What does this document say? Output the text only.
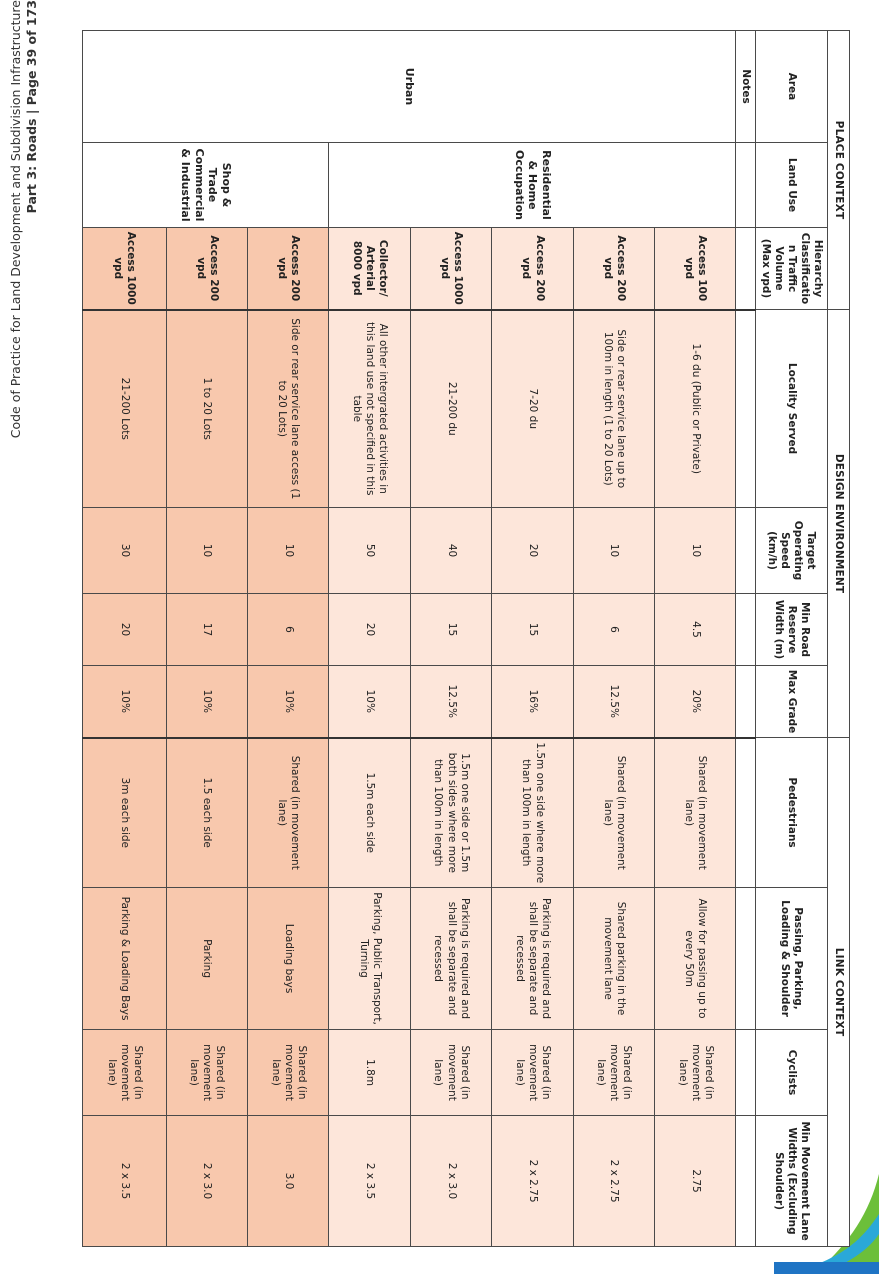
Code of Practice for Land Development and Subdivision Infrastructure Part 3: Roads | Page 39 of 173	PLACE CONTEXT			DESIGN ENVIRONMENT				LINK CONTEXT			
Area	Land Use	Hierarchy Classification Traffic Volume (Max vpd)	Locality Served	Target Operating Speed (km/h)	Min Road Reserve Width (m)	Max Grade	Pedestrians	Passing, Parking, Loading & Shoulder	Cyclists	Min Movement Lane Widths (Excluding Shoulder)
Notes										
Urban	Residential & Home Occupation	Access 100 vpd	1-6 du (Public or Private)	10	4.5	20%	Shared (in movement lane)	Allow for passing up to every 50m	Shared (in movement lane)	2.75
		Access 200 vpd	Side or rear service lane up to 100m in length (1 to 20 Lots)	10	6	12.5%	Shared (in movement lane)	Shared parking in the movement lane	Shared (in movement lane)	2 x 2.75
		Access 200 vpd	7-20 du	20	15	16%	1.5m one side where more than 100m in length	Parking is required and shall be separate and recessed	Shared (in movement lane)	2 x 2.75
		Access 1000 vpd	21-200 du	40	15	12.5%	1.5m one side or 1.5m both sides where more than 100m in length	Parking is required and shall be separate and recessed	Shared (in movement lane)	2 x 3.0
		Collector/ Arterial 8000 vpd	All other intergrated activities in this land use not specified in this table	50	20	10%	1.5m each side	Parking, Public Transport, Turning	1.8m	2 x 3.5
	Shop & Trade Commercial & Industrial	Access 200 vpd	Side or rear service lane access (1 to 20 Lots)	10	6	10%	Shared (in movement lane)	Loading bays	Shared (in movement lane)	3.0
		Access 200 vpd	1 to 20 Lots	10	17	10%	1.5 each side	Parking	Shared (in movement lane)	2 x 3.0
		Access 1000 vpd	21-200 Lots	30	20	10%	3m each side	Parking & Loading Bays	Shared (in movement lane)	2 x 3.5
